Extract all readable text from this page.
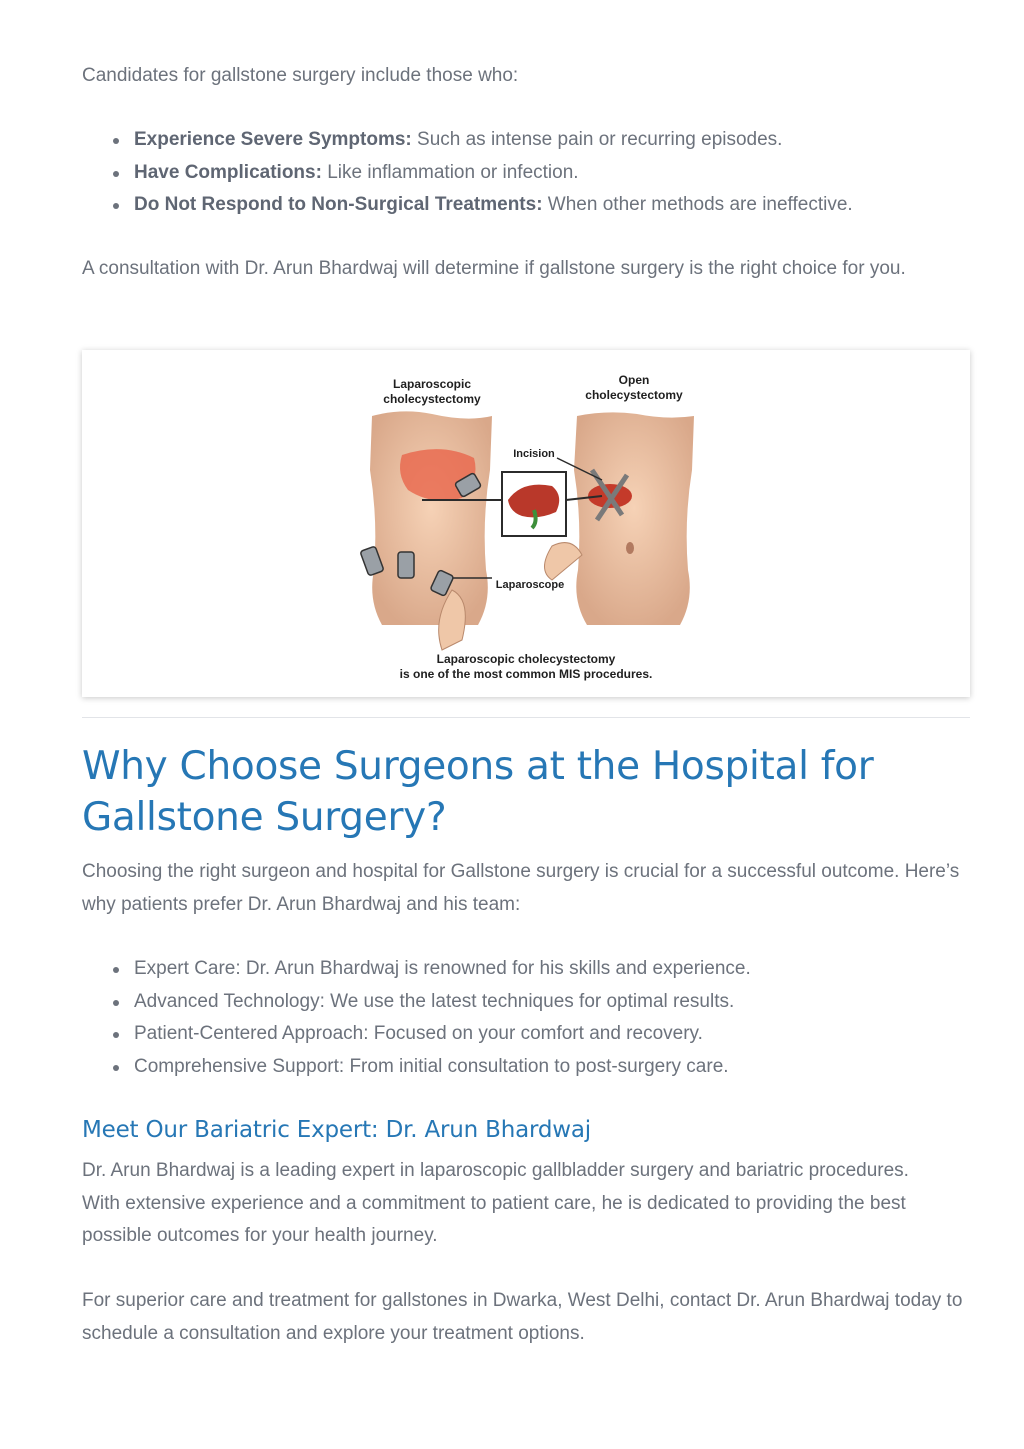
Candidates for gallstone surgery include those who:

Experience Severe Symptoms: Such as intense pain or recurring episodes.
Have Complications: Like inflammation or infection.
Do Not Respond to Non-Surgical Treatments: When other methods are ineffective.

A consultation with Dr. Arun Bhardwaj will determine if gallstone surgery is the right choice for you.

Laparoscopic
cholecystectomy
Open
cholecystectomy
Incision
Laparoscope
Laparoscopic cholecystectomy
is one of the most common MIS procedures.
Why Choose Surgeons at the Hospital for Gallstone Surgery?

Choosing the right surgeon and hospital for Gallstone surgery is crucial for a successful outcome. Here’s why patients prefer Dr. Arun Bhardwaj and his team:

Expert Care: Dr. Arun Bhardwaj is renowned for his skills and experience.
Advanced Technology: We use the latest techniques for optimal results.
Patient-Centered Approach: Focused on your comfort and recovery.
Comprehensive Support: From initial consultation to post-surgery care.
Meet Our Bariatric Expert: Dr. Arun Bhardwaj

Dr. Arun Bhardwaj is a leading expert in laparoscopic gallbladder surgery and bariatric procedures. With extensive experience and a commitment to patient care, he is dedicated to providing the best possible outcomes for your health journey.

For superior care and treatment for gallstones in Dwarka, West Delhi, contact Dr. Arun Bhardwaj today to schedule a consultation and explore your treatment options.
